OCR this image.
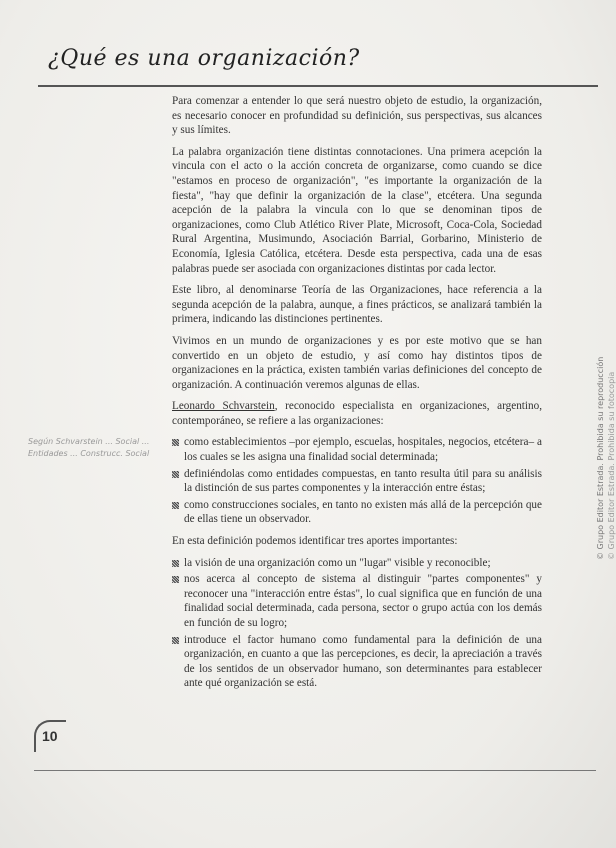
¿Qué es una organización?

Para comenzar a entender lo que será nuestro objeto de estudio, la organización, es necesario conocer en profundidad su definición, sus perspectivas, sus alcances y sus límites.

La palabra organización tiene distintas connotaciones. Una primera acepción la vincula con el acto o la acción concreta de organizarse, como cuando se dice "estamos en proceso de organización", "es importante la organización de la fiesta", "hay que definir la organización de la clase", etcétera. Una segunda acepción de la palabra la vincula con lo que se denominan tipos de organizaciones, como Club Atlético River Plate, Microsoft, Coca-Cola, Sociedad Rural Argentina, Musimundo, Asociación Barrial, Gorbarino, Ministerio de Economía, Iglesia Católica, etcétera. Desde esta perspectiva, cada una de esas palabras puede ser asociada con organizaciones distintas por cada lector.

Este libro, al denominarse Teoría de las Organizaciones, hace referencia a la segunda acepción de la palabra, aunque, a fines prácticos, se analizará también la primera, indicando las distinciones pertinentes.

Vivimos en un mundo de organizaciones y es por este motivo que se han convertido en un objeto de estudio, y así como hay distintos tipos de organizaciones en la práctica, existen también varias definiciones del concepto de organización. A continuación veremos algunas de ellas.

Leonardo Schvarstein, reconocido especialista en organizaciones, argentino, contemporáneo, se refiere a las organizaciones:

como establecimientos –por ejemplo, escuelas, hospitales, negocios, etcétera– a los cuales se les asigna una finalidad social determinada;
definiéndolas como entidades compuestas, en tanto resulta útil para su análisis la distinción de sus partes componentes y la interacción entre éstas;
como construcciones sociales, en tanto no existen más allá de la percepción que de ellas tiene un observador.

En esta definición podemos identificar tres aportes importantes:

la visión de una organización como un "lugar" visible y reconocible;
nos acerca al concepto de sistema al distinguir "partes componentes" y reconocer una "interacción entre éstas", lo cual significa que en función de una finalidad social determinada, cada persona, sector o grupo actúa con los demás en función de su logro;
introduce el factor humano como fundamental para la definición de una organización, en cuanto a que las percepciones, es decir, la apreciación a través de los sentidos de un observador humano, son determinantes para establecer ante qué organización se está.
Según Schvarstein ... Social ... Entidades ... Construcc. Social	© Grupo Editor Estrada. Prohibida su reproducción © Grupo Editor Estrada. Prohibida su fotocopia
10
